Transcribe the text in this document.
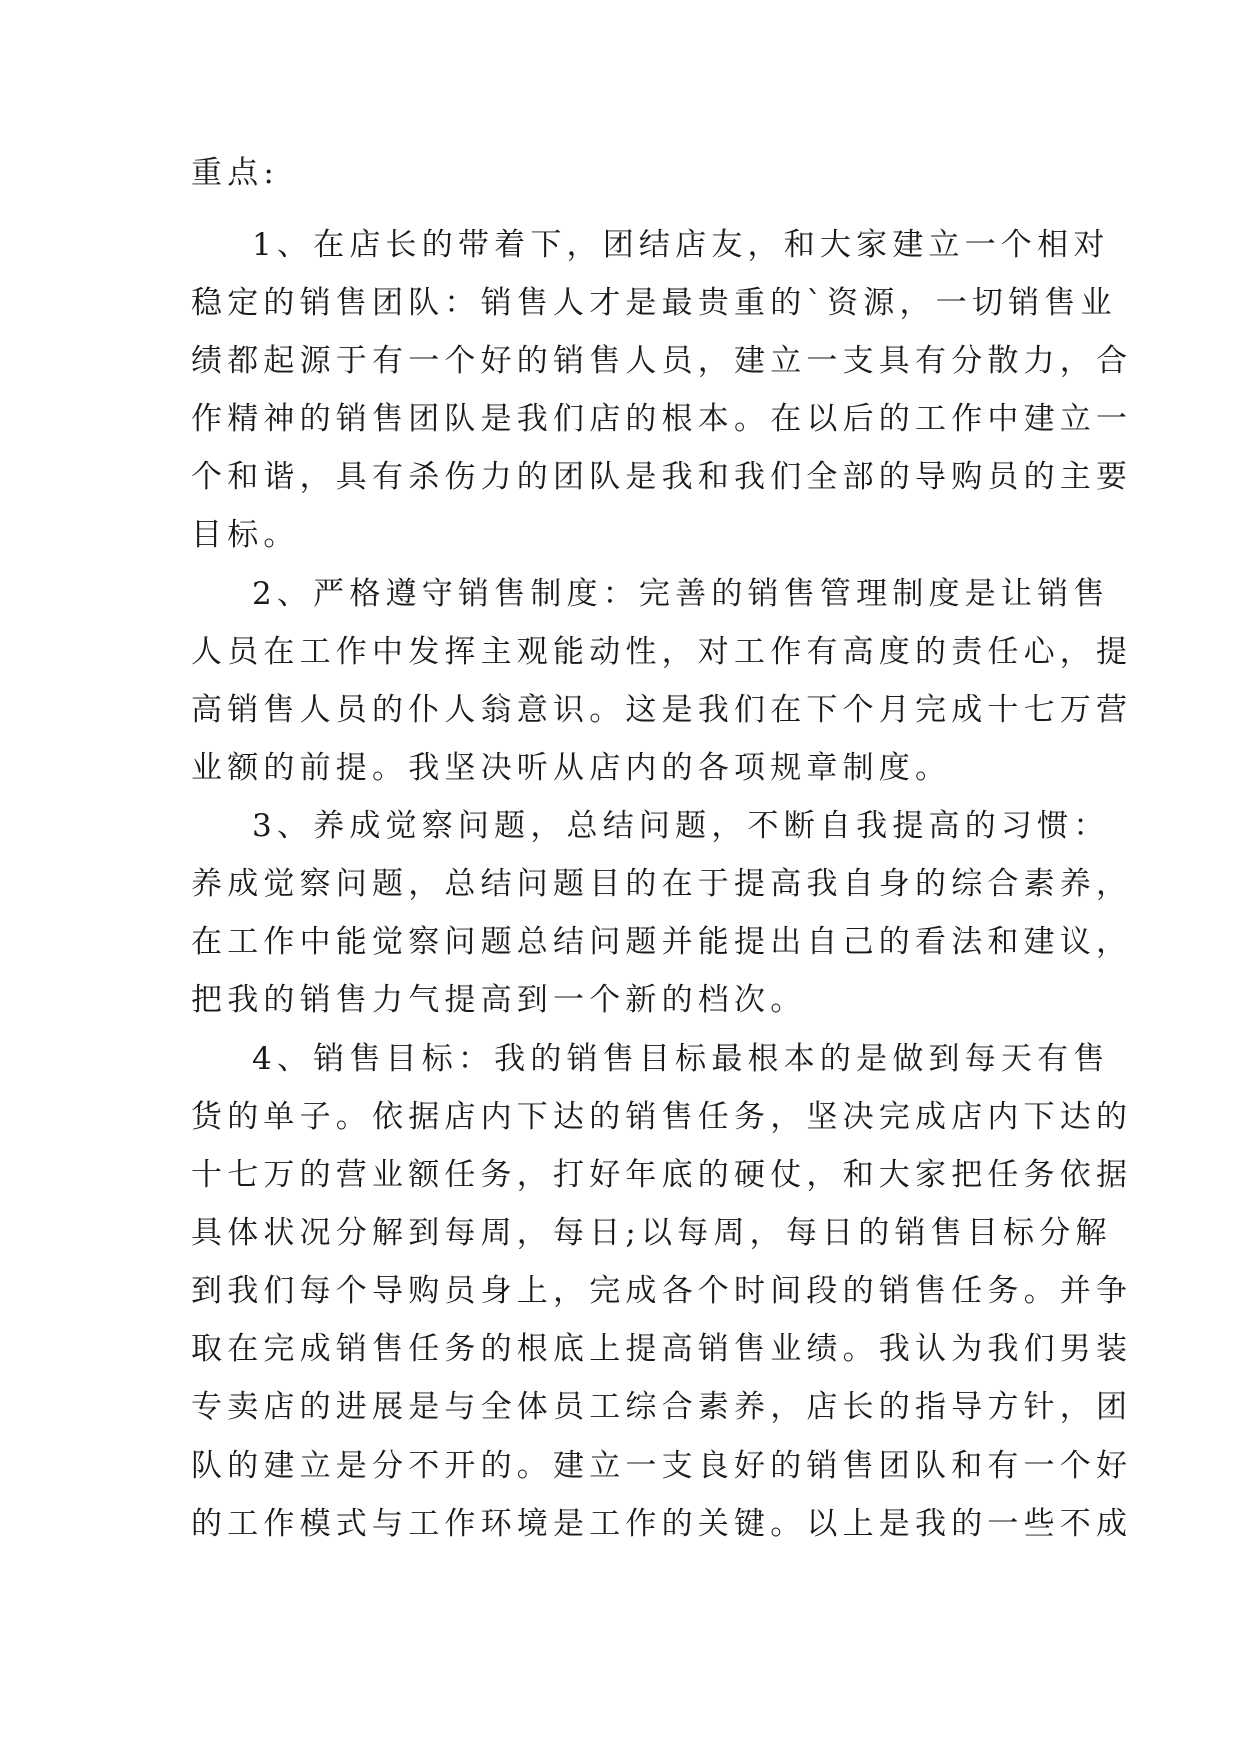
重点:
1、在店长的带着下，团结店友，和大家建立一个相对
稳定的销售团队：销售人才是最贵重的`资源，一切销售业
绩都起源于有一个好的销售人员，建立一支具有分散力，合
作精神的销售团队是我们店的根本。在以后的工作中建立一
个和谐，具有杀伤力的团队是我和我们全部的导购员的主要
目标。
2、严格遵守销售制度：完善的销售管理制度是让销售
人员在工作中发挥主观能动性，对工作有高度的责任心，提
高销售人员的仆人翁意识。这是我们在下个月完成十七万营
业额的前提。我坚决听从店内的各项规章制度。
3、养成觉察问题，总结问题，不断自我提高的习惯：
养成觉察问题，总结问题目的在于提高我自身的综合素养，
在工作中能觉察问题总结问题并能提出自己的看法和建议，
把我的销售力气提高到一个新的档次。
4、销售目标：我的销售目标最根本的是做到每天有售
货的单子。依据店内下达的销售任务，坚决完成店内下达的
十七万的营业额任务，打好年底的硬仗，和大家把任务依据
具体状况分解到每周，每日;以每周，每日的销售目标分解
到我们每个导购员身上，完成各个时间段的销售任务。并争
取在完成销售任务的根底上提高销售业绩。我认为我们男装
专卖店的进展是与全体员工综合素养，店长的指导方针，团
队的建立是分不开的。建立一支良好的销售团队和有一个好
的工作模式与工作环境是工作的关键。以上是我的一些不成
